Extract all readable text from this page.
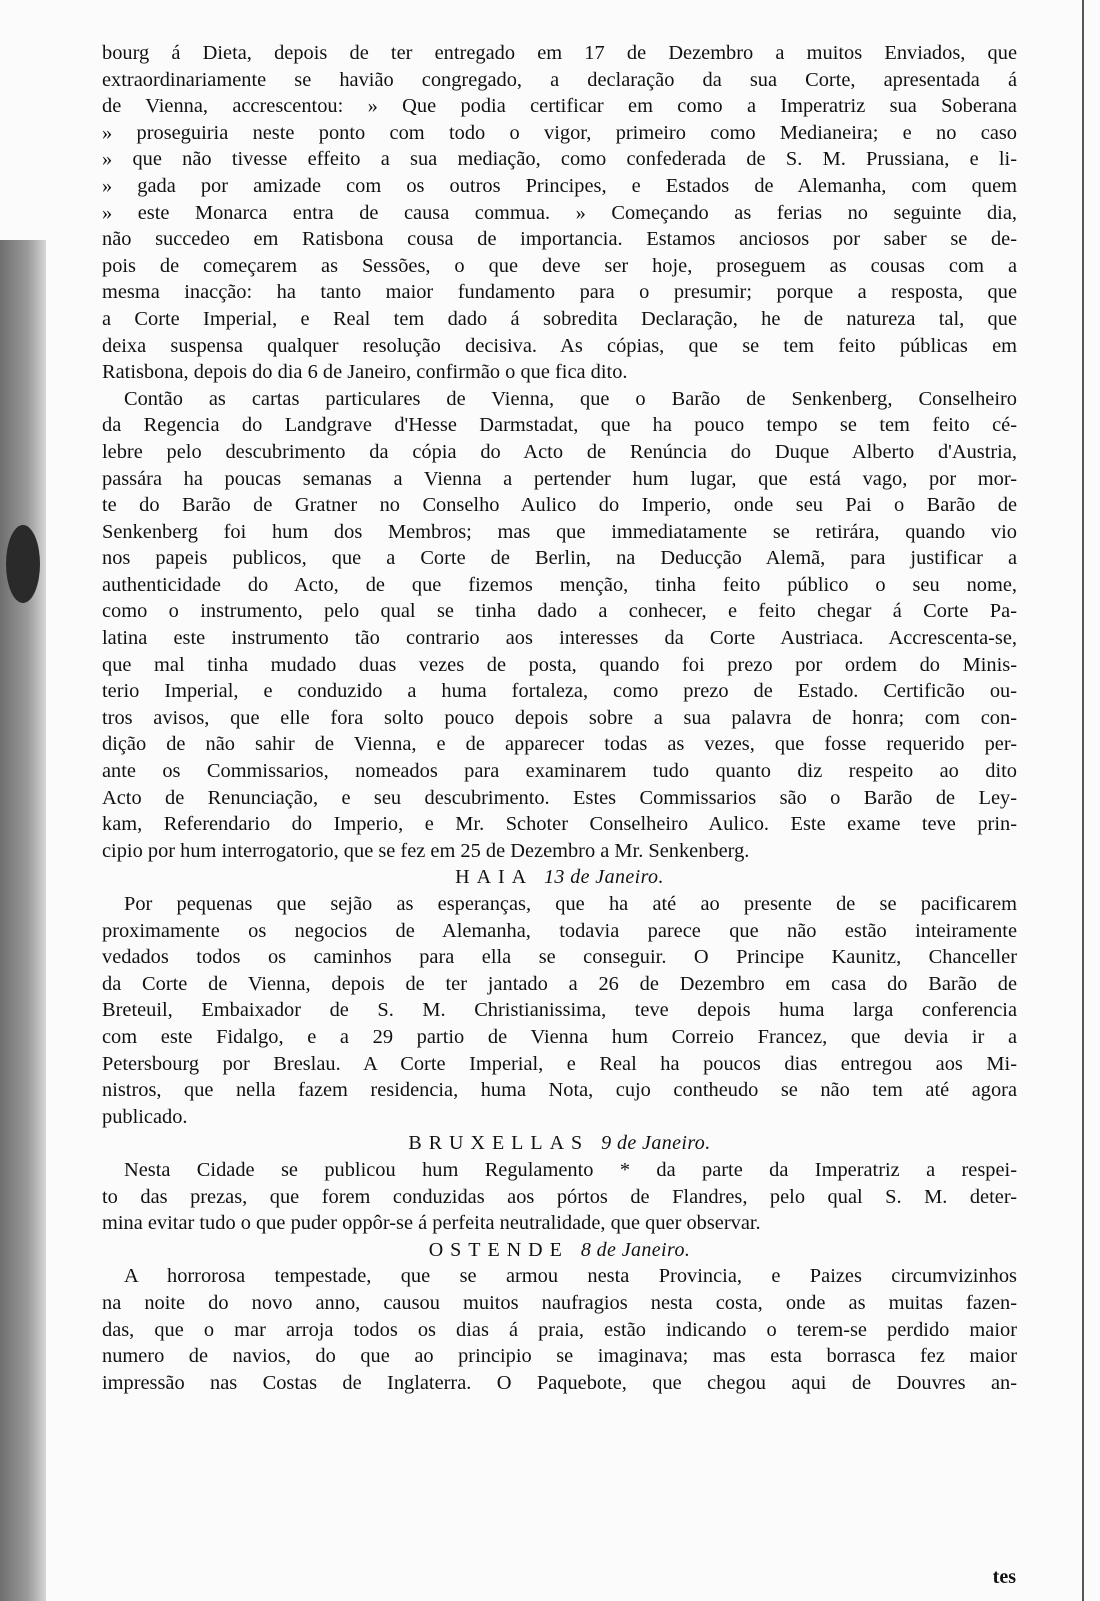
bourg á Dieta, depois de ter entregado em 17 de Dezembro a muitos Enviados, que
extraordinariamente se havião congregado, a declaração da sua Corte, apresentada á
de Vienna, accrescentou: » Que podia certificar em como a Imperatriz sua Soberana
» proseguiria neste ponto com todo o vigor, primeiro como Medianeira; e no caso
» que não tivesse effeito a sua mediação, como confederada de S. M. Prussiana, e li-
» gada por amizade com os outros Principes, e Estados de Alemanha, com quem
» este Monarca entra de causa commua. » Começando as ferias no seguinte dia,
não succedeo em Ratisbona cousa de importancia. Estamos anciosos por saber se de-
pois de começarem as Sessões, o que deve ser hoje, proseguem as cousas com a
mesma inacção: ha tanto maior fundamento para o presumir; porque a resposta, que
a Corte Imperial, e Real tem dado á sobredita Declaração, he de natureza tal, que
deixa suspensa qualquer resolução decisiva. As cópias, que se tem feito públicas em
Ratisbona, depois do dia 6 de Janeiro, confirmão o que fica dito.
Contão as cartas particulares de Vienna, que o Barão de Senkenberg, Conselheiro
da Regencia do Landgrave d'Hesse Darmstadat, que ha pouco tempo se tem feito cé-
lebre pelo descubrimento da cópia do Acto de Renúncia do Duque Alberto d'Austria,
passára ha poucas semanas a Vienna a pertender hum lugar, que está vago, por mor-
te do Barão de Gratner no Conselho Aulico do Imperio, onde seu Pai o Barão de
Senkenberg foi hum dos Membros; mas que immediatamente se retirára, quando vio
nos papeis publicos, que a Corte de Berlin, na Deducção Alemã, para justificar a
authenticidade do Acto, de que fizemos menção, tinha feito público o seu nome,
como o instrumento, pelo qual se tinha dado a conhecer, e feito chegar á Corte Pa-
latina este instrumento tão contrario aos interesses da Corte Austriaca. Accrescenta-se,
que mal tinha mudado duas vezes de posta, quando foi prezo por ordem do Minis-
terio Imperial, e conduzido a huma fortaleza, como prezo de Estado. Certificão ou-
tros avisos, que elle fora solto pouco depois sobre a sua palavra de honra; com con-
dição de não sahir de Vienna, e de apparecer todas as vezes, que fosse requerido per-
ante os Commissarios, nomeados para examinarem tudo quanto diz respeito ao dito
Acto de Renunciação, e seu descubrimento. Estes Commissarios são o Barão de Ley-
kam, Referendario do Imperio, e Mr. Schoter Conselheiro Aulico. Este exame teve prin-
cipio por hum interrogatorio, que se fez em 25 de Dezembro a Mr. Senkenberg.
HAIA 13 de Janeiro.
Por pequenas que sejão as esperanças, que ha até ao presente de se pacificarem
proximamente os negocios de Alemanha, todavia parece que não estão inteiramente
vedados todos os caminhos para ella se conseguir. O Principe Kaunitz, Chanceller
da Corte de Vienna, depois de ter jantado a 26 de Dezembro em casa do Barão de
Breteuil, Embaixador de S. M. Christianissima, teve depois huma larga conferencia
com este Fidalgo, e a 29 partio de Vienna hum Correio Francez, que devia ir a
Petersbourg por Breslau. A Corte Imperial, e Real ha poucos dias entregou aos Mi-
nistros, que nella fazem residencia, huma Nota, cujo contheudo se não tem até agora
publicado.
BRUXELLAS 9 de Janeiro.
Nesta Cidade se publicou hum Regulamento * da parte da Imperatriz a respei-
to das prezas, que forem conduzidas aos pórtos de Flandres, pelo qual S. M. deter-
mina evitar tudo o que puder oppôr-se á perfeita neutralidade, que quer observar.
OSTENDE 8 de Janeiro.
A horrorosa tempestade, que se armou nesta Provincia, e Paizes circumvizinhos
na noite do novo anno, causou muitos naufragios nesta costa, onde as muitas fazen-
das, que o mar arroja todos os dias á praia, estão indicando o terem-se perdido maior
numero de navios, do que ao principio se imaginava; mas esta borrasca fez maior
impressão nas Costas de Inglaterra. O Paquebote, que chegou aqui de Douvres an-
tes
